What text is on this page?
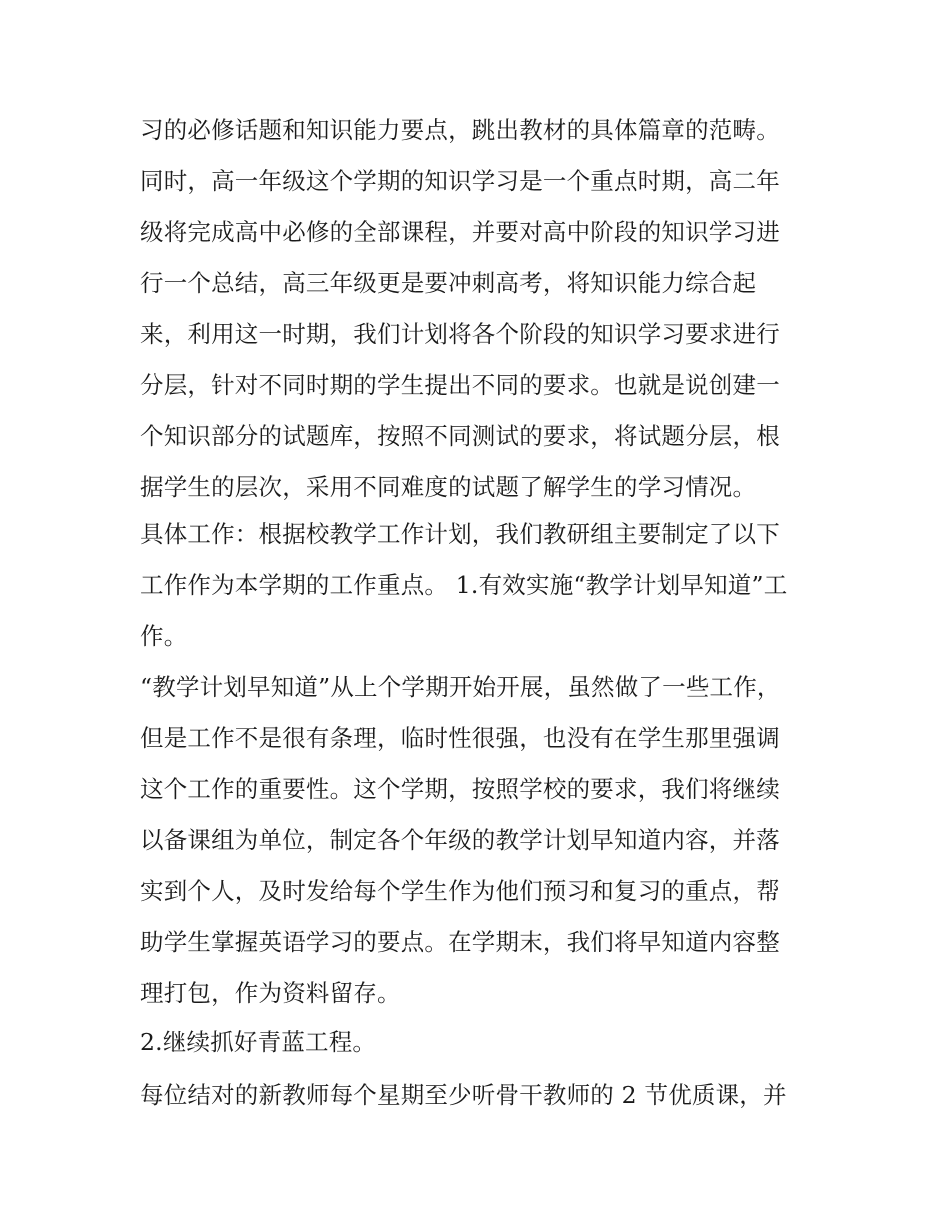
习的必修话题和知识能力要点，跳出教材的具体篇章的范畴。
同时，高一年级这个学期的知识学习是一个重点时期，高二年
级将完成高中必修的全部课程，并要对高中阶段的知识学习进
行一个总结，高三年级更是要冲刺高考，将知识能力综合起
来，利用这一时期，我们计划将各个阶段的知识学习要求进行
分层，针对不同时期的学生提出不同的要求。也就是说创建一
个知识部分的试题库，按照不同测试的要求，将试题分层，根
据学生的层次，采用不同难度的试题了解学生的学习情况。
具体工作：根据校教学工作计划，我们教研组主要制定了以下
工作作为本学期的工作重点。 1.有效实施“教学计划早知道”工
作。
“教学计划早知道”从上个学期开始开展，虽然做了一些工作，
但是工作不是很有条理，临时性很强，也没有在学生那里强调
这个工作的重要性。这个学期，按照学校的要求，我们将继续
以备课组为单位，制定各个年级的教学计划早知道内容，并落
实到个人，及时发给每个学生作为他们预习和复习的重点，帮
助学生掌握英语学习的要点。在学期末，我们将早知道内容整
理打包，作为资料留存。
2.继续抓好青蓝工程。
每位结对的新教师每个星期至少听骨干教师的 2 节优质课，并
